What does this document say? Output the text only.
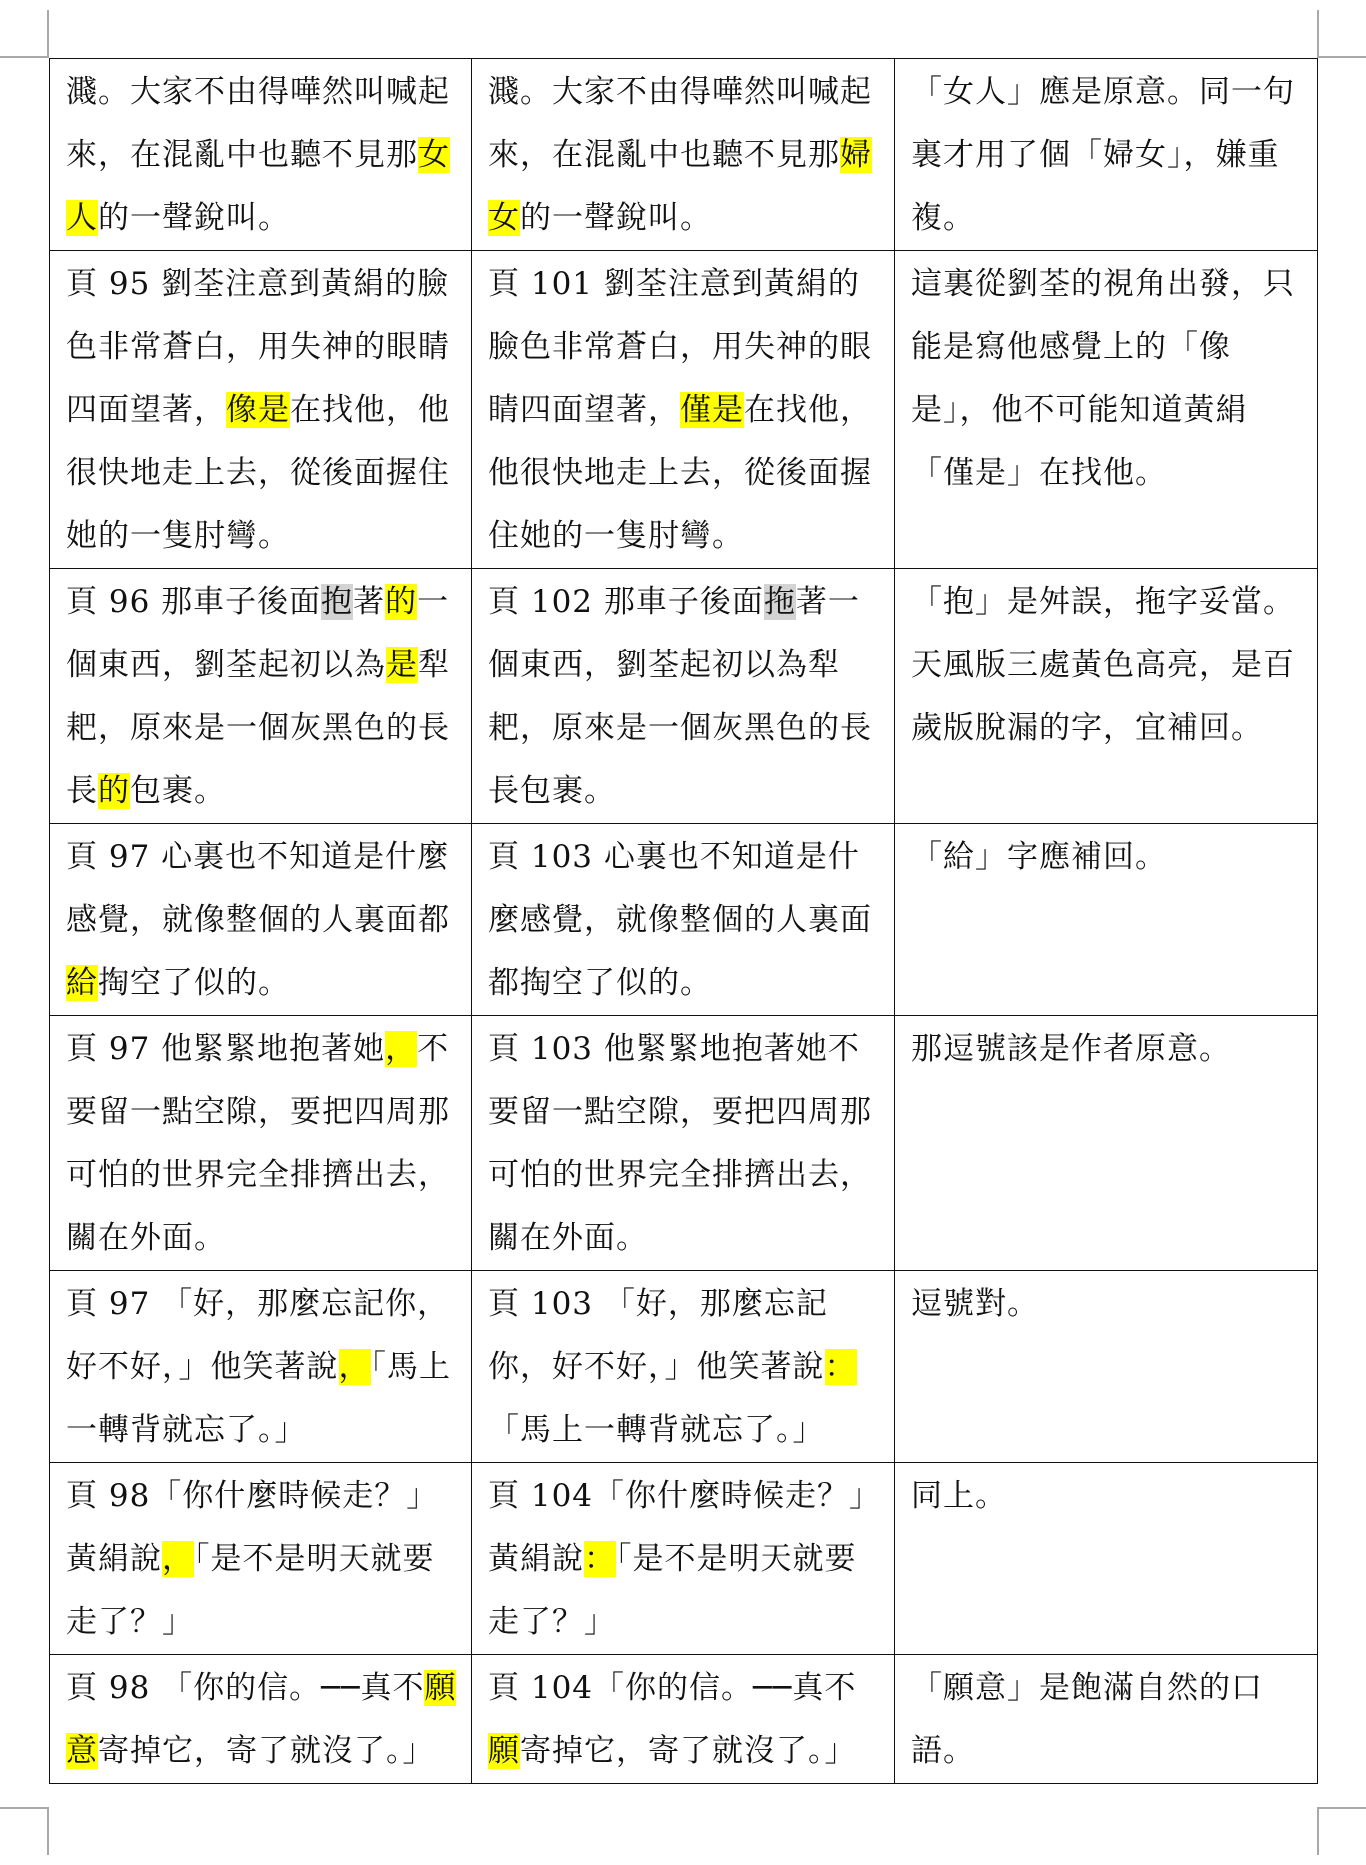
濺。大家不由得嘩然叫喊起來，在混亂中也聽不見那女人的一聲銳叫。	濺。大家不由得嘩然叫喊起來，在混亂中也聽不見那婦女的一聲銳叫。	「女人」應是原意。同一句裏才用了個「婦女」，嫌重複。
頁 95 劉荃注意到黃絹的臉色非常蒼白，用失神的眼睛四面望著，像是在找他，他很快地走上去，從後面握住她的一隻肘彎。	頁 101 劉荃注意到黃絹的臉色非常蒼白，用失神的眼睛四面望著，僅是在找他，他很快地走上去，從後面握住她的一隻肘彎。	這裏從劉荃的視角出發，只能是寫他感覺上的「像是」，他不可能知道黃絹「僅是」在找他。
頁 96 那車子後面抱著的一個東西，劉荃起初以為是犁耙，原來是一個灰黑色的長長的包裹。	頁 102 那車子後面拖著一個東西，劉荃起初以為犁耙，原來是一個灰黑色的長長包裹。	「抱」是舛誤，拖字妥當。天風版三處黃色高亮，是百歲版脫漏的字，宜補回。
頁 97 心裏也不知道是什麼感覺，就像整個的人裏面都給掏空了似的。	頁 103 心裏也不知道是什麼感覺，就像整個的人裏面都掏空了似的。	「給」字應補回。
頁 97 他緊緊地抱著她，不要留一點空隙，要把四周那可怕的世界完全排擠出去，關在外面。	頁 103 他緊緊地抱著她不要留一點空隙，要把四周那可怕的世界完全排擠出去，關在外面。	那逗號該是作者原意。
頁 97 「好，那麼忘記你，好不好，」他笑著說，「馬上一轉背就忘了。」	頁 103 「好，那麼忘記你，好不好，」他笑著說：「馬上一轉背就忘了。」	逗號對。
頁 98「你什麼時候走？」黃絹說，「是不是明天就要走了？」	頁 104「你什麼時候走？」黃絹說：「是不是明天就要走了？」	同上。
頁 98 「你的信。──真不願意寄掉它，寄了就沒了。」	頁 104「你的信。──真不願寄掉它，寄了就沒了。」	「願意」是飽滿自然的口語。
